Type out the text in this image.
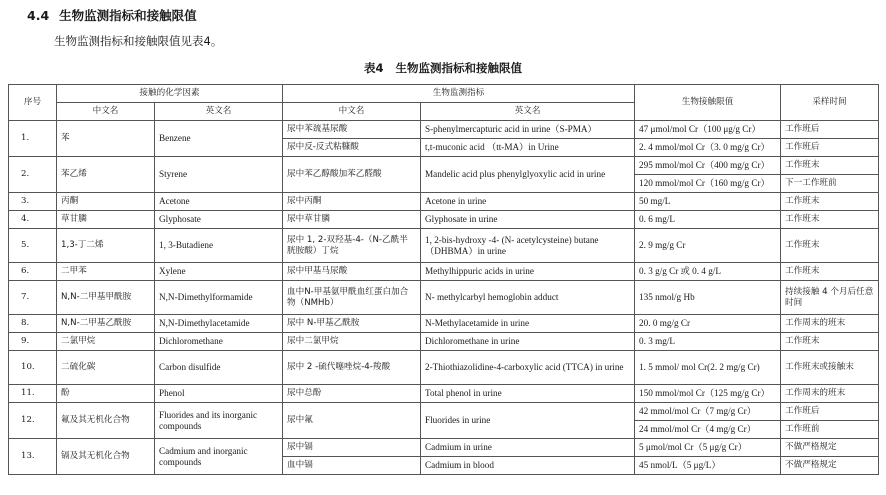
4.4 生物监测指标和接触限值
生物监测指标和接触限值见表4。
表4 生物监测指标和接触限值
序号	接触的化学因素		生物监测指标		生物接触限值	采样时间
	中文名	英文名	中文名	英文名		
1.	苯	Benzene	尿中苯巯基尿酸	S-phenylmercapturic acid in urine（S-PMA）	47 μmol/mol Cr（100 μg/g Cr）	工作班后
			尿中反-反式粘糠酸	t,t-muconic acid （tt-MA）in Urine	2. 4 mmol/mol Cr（3. 0 mg/g Cr）	工作班后
2.	苯乙烯	Styrene	尿中苯乙醇酸加苯乙醛酸	Mandelic acid plus phenylglyoxylic acid in urine	295 mmol/mol Cr（400 mg/g Cr）	工作班末
					120 mmol/mol Cr（160 mg/g Cr）	下一工作班前
3.	丙酮	Acetone	尿中丙酮	Acetone in urine	50 mg/L	工作班末
4.	草甘膦	Glyphosate	尿中草甘膦	Glyphosate in urine	0. 6 mg/L	工作班末
5.	1,3-丁二烯	1, 3-Butadiene	尿中 1, 2-双羟基-4-（N-乙酰半胱胺酸）丁烷	1, 2-bis-hydroxy -4- (N- acetylcysteine) butane（DHBMA）in urine	2. 9 mg/g Cr	工作班末
6.	二甲苯	Xylene	尿中甲基马尿酸	Methylhippuric acids in urine	0. 3 g/g Cr 或 0. 4 g/L	工作班末
7.	N,N-二甲基甲酰胺	N,N-Dimethylformamide	血中N-甲基氨甲酰血红蛋白加合物（NMHb）	N- methylcarbyl hemoglobin adduct	135 nmol/g Hb	持续接触 4 个月后任意时间
8.	N,N-二甲基乙酰胺	N,N-Dimethylacetamide	尿中 N-甲基乙酰胺	N-Methylacetamide in urine	20. 0 mg/g Cr	工作周末的班末
9.	二氯甲烷	Dichloromethane	尿中二氯甲烷	Dichloromethane in urine	0. 3 mg/L	工作班末
10.	二硫化碳	Carbon disulfide	尿中 2 -硫代噻唑烷-4-羧酸	2-Thiothiazolidine-4-carboxylic acid (TTCA) in urine	1. 5 mmol/ mol Cr(2. 2 mg/g Cr)	工作班末或接触末
11.	酚	Phenol	尿中总酚	Total phenol in urine	150 mmol/mol Cr（125 mg/g Cr）	工作周末的班末
12.	氟及其无机化合物	Fluorides and its inorganic compounds	尿中氟	Fluorides in urine	42 mmol/mol Cr（7 mg/g Cr）	工作班后
					24 mmol/mol Cr（4 mg/g Cr）	工作班前
13.	镉及其无机化合物	Cadmium and inorganic compounds	尿中镉	Cadmium in urine	5 μmol/mol Cr（5 μg/g Cr）	不做严格规定
			血中镉	Cadmium in blood	45 nmol/L（5 μg/L）	不做严格规定
